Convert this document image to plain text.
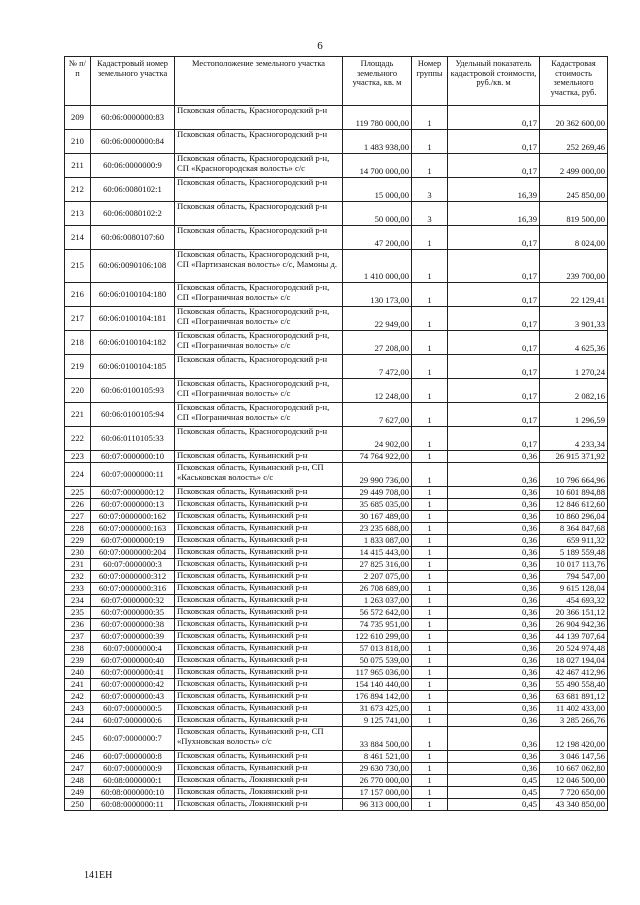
6
№ п/п	Кадастровый номер земельного участка	Местоположение земельного участка	Площадь земельного участка, кв. м	Номер группы	Удельный показатель кадастровой стоимости, руб./кв. м	Кадастровая стоимость земельного участка, руб.
209	60:06:0000000:83	Псковская область, Красногородский р-н	119 780 000,00	1	0,17	20 362 600,00
210	60:06:0000000:84	Псковская область, Красногородский р-н	1 483 938,00	1	0,17	252 269,46
211	60:06:0000000:9	Псковская область, Красногородский р-н, СП «Красногородская волость» с/с	14 700 000,00	1	0,17	2 499 000,00
212	60:06:0080102:1	Псковская область, Красногородский р-н	15 000,00	3	16,39	245 850,00
213	60:06:0080102:2	Псковская область, Красногородский р-н	50 000,00	3	16,39	819 500,00
214	60:06:0080107:60	Псковская область, Красногородский р-н	47 200,00	1	0,17	8 024,00
215	60:06:0090106:108	Псковская область, Красногородский р-н, СП «Партизанская волость» с/с, Мамоны д.	1 410 000,00	1	0,17	239 700,00
216	60:06:0100104:180	Псковская область, Красногородский р-н, СП «Пограничная волость» с/с	130 173,00	1	0,17	22 129,41
217	60:06:0100104:181	Псковская область, Красногородский р-н, СП «Пограничная волость» с/с	22 949,00	1	0,17	3 901,33
218	60:06:0100104:182	Псковская область, Красногородский р-н, СП «Пограничная волость» с/с	27 208,00	1	0,17	4 625,36
219	60:06:0100104:185	Псковская область, Красногородский р-н	7 472,00	1	0,17	1 270,24
220	60:06:0100105:93	Псковская область, Красногородский р-н, СП «Пограничная волость» с/с	12 248,00	1	0,17	2 082,16
221	60:06:0100105:94	Псковская область, Красногородский р-н, СП «Пограничная волость» с/с	7 627,00	1	0,17	1 296,59
222	60:06:0110105:33	Псковская область, Красногородский р-н	24 902,00	1	0,17	4 233,34
223	60:07:0000000:10	Псковская область, Куньинский р-н	74 764 922,00	1	0,36	26 915 371,92
224	60:07:0000000:11	Псковская область, Куньинский р-н, СП «Каськовская волость» с/с	29 990 736,00	1	0,36	10 796 664,96
225	60:07:0000000:12	Псковская область, Куньинский р-н	29 449 708,00	1	0,36	10 601 894,88
226	60:07:0000000:13	Псковская область, Куньинский р-н	35 685 035,00	1	0,36	12 846 612,60
227	60:07:0000000:162	Псковская область, Куньинский р-н	30 167 489,00	1	0,36	10 860 296,04
228	60:07:0000000:163	Псковская область, Куньинский р-н	23 235 688,00	1	0,36	8 364 847,68
229	60:07:0000000:19	Псковская область, Куньинский р-н	1 833 087,00	1	0,36	659 911,32
230	60:07:0000000:204	Псковская область, Куньинский р-н	14 415 443,00	1	0,36	5 189 559,48
231	60:07:0000000:3	Псковская область, Куньинский р-н	27 825 316,00	1	0,36	10 017 113,76
232	60:07:0000000:312	Псковская область, Куньинский р-н	2 207 075,00	1	0,36	794 547,00
233	60:07:0000000:316	Псковская область, Куньинский р-н	26 708 689,00	1	0,36	9 615 128,04
234	60:07:0000000:32	Псковская область, Куньинский р-н	1 263 037,00	1	0,36	454 693,32
235	60:07:0000000:35	Псковская область, Куньинский р-н	56 572 642,00	1	0,36	20 366 151,12
236	60:07:0000000:38	Псковская область, Куньинский р-н	74 735 951,00	1	0,36	26 904 942,36
237	60:07:0000000:39	Псковская область, Куньинский р-н	122 610 299,00	1	0,36	44 139 707,64
238	60:07:0000000:4	Псковская область, Куньинский р-н	57 013 818,00	1	0,36	20 524 974,48
239	60:07:0000000:40	Псковская область, Куньинский р-н	50 075 539,00	1	0,36	18 027 194,04
240	60:07:0000000:41	Псковская область, Куньинский р-н	117 965 036,00	1	0,36	42 467 412,96
241	60:07:0000000:42	Псковская область, Куньинский р-н	154 140 440,00	1	0,36	55 490 558,40
242	60:07:0000000:43	Псковская область, Куньинский р-н	176 894 142,00	1	0,36	63 681 891,12
243	60:07:0000000:5	Псковская область, Куньинский р-н	31 673 425,00	1	0,36	11 402 433,00
244	60:07:0000000:6	Псковская область, Куньинский р-н	9 125 741,00	1	0,36	3 285 266,76
245	60:07:0000000:7	Псковская область, Куньинский р-н, СП «Пухновская волость» с/с	33 884 500,00	1	0,36	12 198 420,00
246	60:07:0000000:8	Псковская область, Куньинский р-н	8 461 521,00	1	0,36	3 046 147,56
247	60:07:0000000:9	Псковская область, Куньинский р-н	29 630 730,00	1	0,36	10 667 062,80
248	60:08:0000000:1	Псковская область, Локнянский р-н	26 770 000,00	1	0,45	12 046 500,00
249	60:08:0000000:10	Псковская область, Локнянский р-н	17 157 000,00	1	0,45	7 720 650,00
250	60:08:0000000:11	Псковская область, Локнянский р-н	96 313 000,00	1	0,45	43 340 850,00
141ЕН
